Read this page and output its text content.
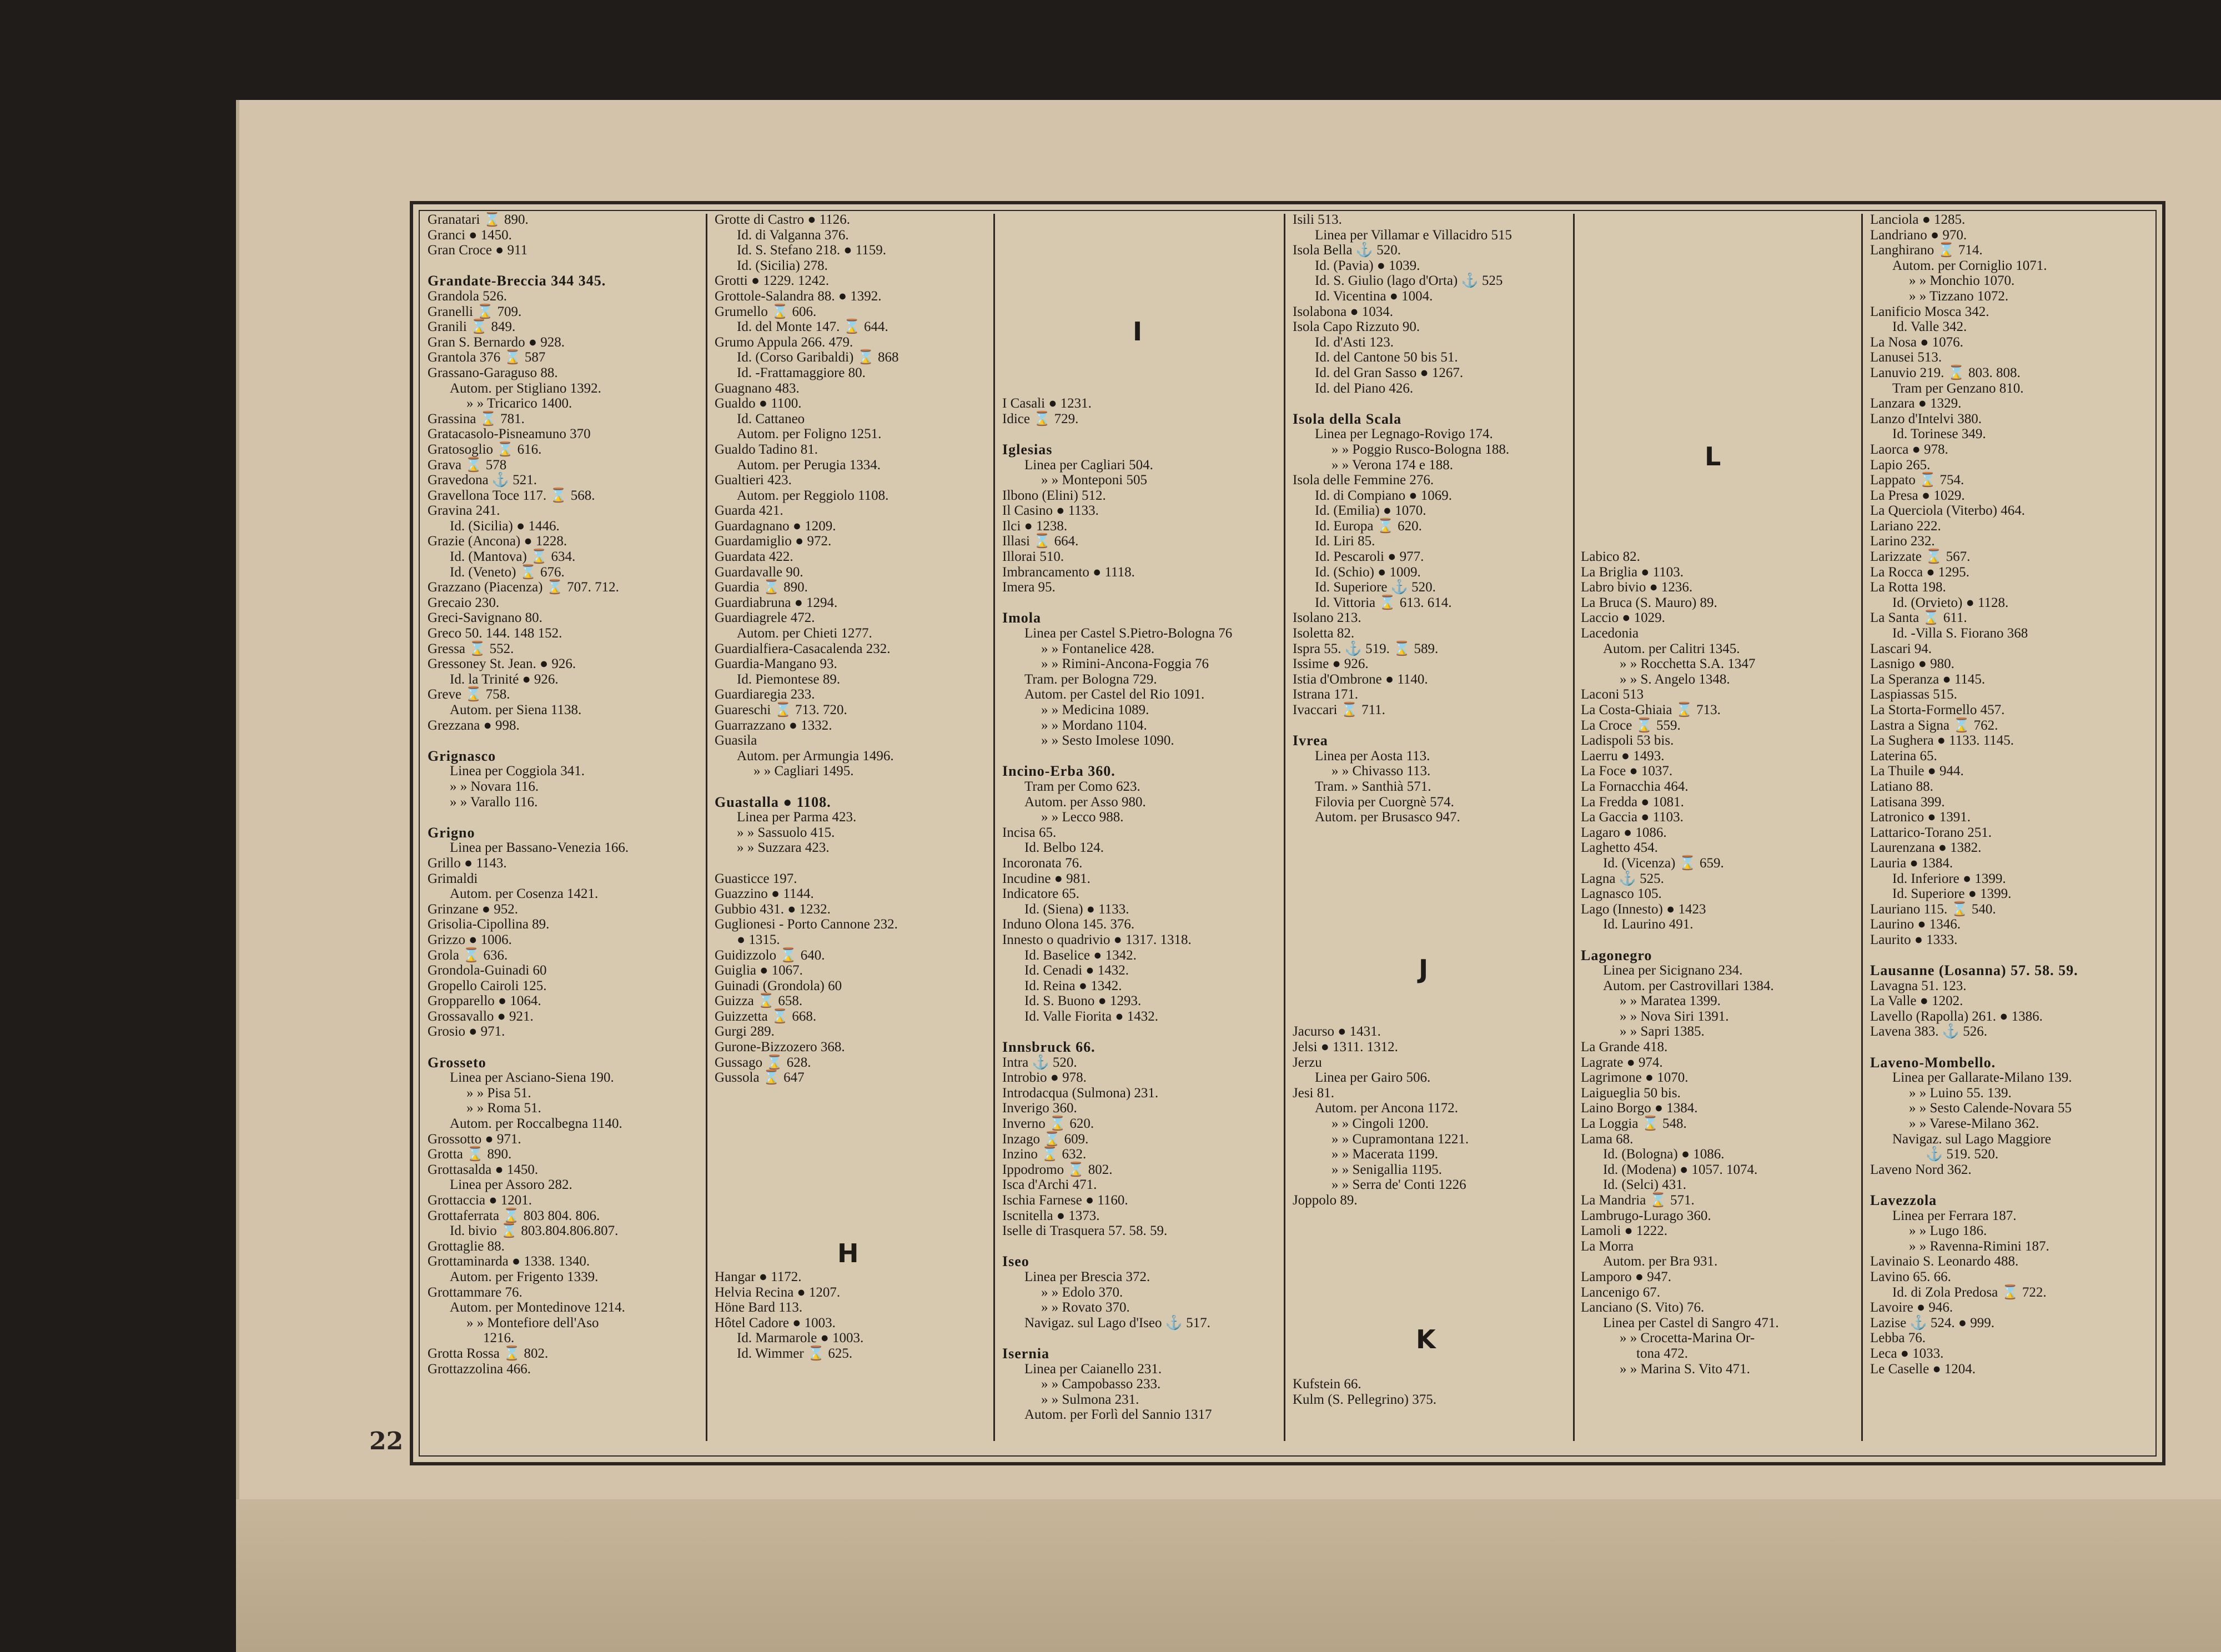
22
Granatari ⌛ 890.
Granci ● 1450.
Gran Croce ● 911
Grandate-Breccia 344 345.
Grandola 526.
Granelli ⌛ 709.
Granili ⌛ 849.
Gran S. Bernardo ● 928.
Grantola 376 ⌛ 587
Grassano-Garaguso 88.
Autom. per Stigliano 1392.
» » Tricarico 1400.
Grassina ⌛ 781.
Gratacasolo-Pisneamuno 370
Gratosoglio ⌛ 616.
Grava ⌛ 578
Gravedona ⚓ 521.
Gravellona Toce 117. ⌛ 568.
Gravina 241.
Id. (Sicilia) ● 1446.
Grazie (Ancona) ● 1228.
Id. (Mantova) ⌛ 634.
Id. (Veneto) ⌛ 676.
Grazzano (Piacenza) ⌛ 707. 712.
Grecaio 230.
Greci-Savignano 80.
Greco 50. 144. 148 152.
Gressa ⌛ 552.
Gressoney St. Jean. ● 926.
Id. la Trinité ● 926.
Greve ⌛ 758.
Autom. per Siena 1138.
Grezzana ● 998.
Grignasco
Linea per Coggiola 341.
» » Novara 116.
» » Varallo 116.
Grigno
Linea per Bassano-Venezia 166.
Grillo ● 1143.
Grimaldi
Autom. per Cosenza 1421.
Grinzane ● 952.
Grisolia-Cipollina 89.
Grizzo ● 1006.
Grola ⌛ 636.
Grondola-Guinadi 60
Gropello Cairoli 125.
Gropparello ● 1064.
Grossavallo ● 921.
Grosio ● 971.
Grosseto
Linea per Asciano-Siena 190.
» » Pisa 51.
» » Roma 51.
Autom. per Roccalbegna 1140.
Grossotto ● 971.
Grotta ⌛ 890.
Grottasalda ● 1450.
Linea per Assoro 282.
Grottaccia ● 1201.
Grottaferrata ⌛ 803 804. 806.
Id. bivio ⌛ 803.804.806.807.
Grottaglie 88.
Grottaminarda ● 1338. 1340.
Autom. per Frigento 1339.
Grottammare 76.
Autom. per Montedinove 1214.
» » Montefiore dell'Aso
1216.
Grotta Rossa ⌛ 802.
Grottazzolina 466.
Grotte di Castro ● 1126.
Id. di Valganna 376.
Id. S. Stefano 218. ● 1159.
Id. (Sicilia) 278.
Grotti ● 1229. 1242.
Grottole-Salandra 88. ● 1392.
Grumello ⌛ 606.
Id. del Monte 147. ⌛ 644.
Grumo Appula 266. 479.
Id. (Corso Garibaldi) ⌛ 868
Id. -Frattamaggiore 80.
Guagnano 483.
Gualdo ● 1100.
Id. Cattaneo
Autom. per Foligno 1251.
Gualdo Tadino 81.
Autom. per Perugia 1334.
Gualtieri 423.
Autom. per Reggiolo 1108.
Guarda 421.
Guardagnano ● 1209.
Guardamiglio ● 972.
Guardata 422.
Guardavalle 90.
Guardia ⌛ 890.
Guardiabruna ● 1294.
Guardiagrele 472.
Autom. per Chieti 1277.
Guardialfiera-Casacalenda 232.
Guardia-Mangano 93.
Id. Piemontese 89.
Guardiaregia 233.
Guareschi ⌛ 713. 720.
Guarrazzano ● 1332.
Guasila
Autom. per Armungia 1496.
» » Cagliari 1495.
Guastalla ● 1108.
Linea per Parma 423.
» » Sassuolo 415.
» » Suzzara 423.
Guasticce 197.
Guazzino ● 1144.
Gubbio 431. ● 1232.
Guglionesi - Porto Cannone 232.
● 1315.
Guidizzolo ⌛ 640.
Guiglia ● 1067.
Guinadi (Grondola) 60
Guizza ⌛ 658.
Guizzetta ⌛ 668.
Gurgi 289.
Gurone-Bizzozero 368.
Gussago ⌛ 628.
Gussola ⌛ 647
Hangar ● 1172.
Helvia Recina ● 1207.
Höne Bard 113.
Hôtel Cadore ● 1003.
Id. Marmarole ● 1003.
Id. Wimmer ⌛ 625.
I Casali ● 1231.
Idice ⌛ 729.
Iglesias
Linea per Cagliari 504.
» » Monteponi 505
Ilbono (Elini) 512.
Il Casino ● 1133.
Ilci ● 1238.
Illasi ⌛ 664.
Illorai 510.
Imbrancamento ● 1118.
Imera 95.
Imola
Linea per Castel S.Pietro-Bologna 76
» » Fontanelice 428.
» » Rimini-Ancona-Foggia 76
Tram. per Bologna 729.
Autom. per Castel del Rio 1091.
» » Medicina 1089.
» » Mordano 1104.
» » Sesto Imolese 1090.
Incino-Erba 360.
Tram per Como 623.
Autom. per Asso 980.
» » Lecco 988.
Incisa 65.
Id. Belbo 124.
Incoronata 76.
Incudine ● 981.
Indicatore 65.
Id. (Siena) ● 1133.
Induno Olona 145. 376.
Innesto o quadrivio ● 1317. 1318.
Id. Baselice ● 1342.
Id. Cenadi ● 1432.
Id. Reina ● 1342.
Id. S. Buono ● 1293.
Id. Valle Fiorita ● 1432.
Innsbruck 66.
Intra ⚓ 520.
Introbio ● 978.
Introdacqua (Sulmona) 231.
Inverigo 360.
Inverno ⌛ 620.
Inzago ⌛ 609.
Inzino ⌛ 632.
Ippodromo ⌛ 802.
Isca d'Archi 471.
Ischia Farnese ● 1160.
Iscnitella ● 1373.
Iselle di Trasquera 57. 58. 59.
Iseo
Linea per Brescia 372.
» » Edolo 370.
» » Rovato 370.
Navigaz. sul Lago d'Iseo ⚓ 517.
Isernia
Linea per Caianello 231.
» » Campobasso 233.
» » Sulmona 231.
Autom. per Forlì del Sannio 1317
Isili 513.
Linea per Villamar e Villacidro 515
Isola Bella ⚓ 520.
Id. (Pavia) ● 1039.
Id. S. Giulio (lago d'Orta) ⚓ 525
Id. Vicentina ● 1004.
Isolabona ● 1034.
Isola Capo Rizzuto 90.
Id. d'Asti 123.
Id. del Cantone 50 bis 51.
Id. del Gran Sasso ● 1267.
Id. del Piano 426.
Isola della Scala
Linea per Legnago-Rovigo 174.
» » Poggio Rusco-Bologna 188.
» » Verona 174 e 188.
Isola delle Femmine 276.
Id. di Compiano ● 1069.
Id. (Emilia) ● 1070.
Id. Europa ⌛ 620.
Id. Liri 85.
Id. Pescaroli ● 977.
Id. (Schio) ● 1009.
Id. Superiore ⚓ 520.
Id. Vittoria ⌛ 613. 614.
Isolano 213.
Isoletta 82.
Ispra 55. ⚓ 519. ⌛ 589.
Issime ● 926.
Istia d'Ombrone ● 1140.
Istrana 171.
Ivaccari ⌛ 711.
Ivrea
Linea per Aosta 113.
» » Chivasso 113.
Tram. » Santhià 571.
Filovia per Cuorgnè 574.
Autom. per Brusasco 947.
Jacurso ● 1431.
Jelsi ● 1311. 1312.
Jerzu
Linea per Gairo 506.
Jesi 81.
Autom. per Ancona 1172.
» » Cingoli 1200.
» » Cupramontana 1221.
» » Macerata 1199.
» » Senigallia 1195.
» » Serra de' Conti 1226
Joppolo 89.
Kufstein 66.
Kulm (S. Pellegrino) 375.
Labico 82.
La Briglia ● 1103.
Labro bivio ● 1236.
La Bruca (S. Mauro) 89.
Laccio ● 1029.
Lacedonia
Autom. per Calitri 1345.
» » Rocchetta S.A. 1347
» » S. Angelo 1348.
Laconi 513
La Costa-Ghiaia ⌛ 713.
La Croce ⌛ 559.
Ladispoli 53 bis.
Laerru ● 1493.
La Foce ● 1037.
La Fornacchia 464.
La Fredda ● 1081.
La Gaccia ● 1103.
Lagaro ● 1086.
Laghetto 454.
Id. (Vicenza) ⌛ 659.
Lagna ⚓ 525.
Lagnasco 105.
Lago (Innesto) ● 1423
Id. Laurino 491.
Lagonegro
Linea per Sicignano 234.
Autom. per Castrovillari 1384.
» » Maratea 1399.
» » Nova Siri 1391.
» » Sapri 1385.
La Grande 418.
Lagrate ● 974.
Lagrimone ● 1070.
Laigueglia 50 bis.
Laino Borgo ● 1384.
La Loggia ⌛ 548.
Lama 68.
Id. (Bologna) ● 1086.
Id. (Modena) ● 1057. 1074.
Id. (Selci) 431.
La Mandria ⌛ 571.
Lambrugo-Lurago 360.
Lamoli ● 1222.
La Morra
Autom. per Bra 931.
Lamporo ● 947.
Lancenigo 67.
Lanciano (S. Vito) 76.
Linea per Castel di Sangro 471.
» » Crocetta-Marina Or-
tona 472.
» » Marina S. Vito 471.
Lanciola ● 1285.
Landriano ● 970.
Langhirano ⌛ 714.
Autom. per Corniglio 1071.
» » Monchio 1070.
» » Tizzano 1072.
Lanificio Mosca 342.
Id. Valle 342.
La Nosa ● 1076.
Lanusei 513.
Lanuvio 219. ⌛ 803. 808.
Tram per Genzano 810.
Lanzara ● 1329.
Lanzo d'Intelvi 380.
Id. Torinese 349.
Laorca ● 978.
Lapio 265.
Lappato ⌛ 754.
La Presa ● 1029.
La Querciola (Viterbo) 464.
Lariano 222.
Larino 232.
Larizzate ⌛ 567.
La Rocca ● 1295.
La Rotta 198.
Id. (Orvieto) ● 1128.
La Santa ⌛ 611.
Id. -Villa S. Fiorano 368
Lascari 94.
Lasnigo ● 980.
La Speranza ● 1145.
Laspiassas 515.
La Storta-Formello 457.
Lastra a Signa ⌛ 762.
La Sughera ● 1133. 1145.
Laterina 65.
La Thuile ● 944.
Latiano 88.
Latisana 399.
Latronico ● 1391.
Lattarico-Torano 251.
Laurenzana ● 1382.
Lauria ● 1384.
Id. Inferiore ● 1399.
Id. Superiore ● 1399.
Lauriano 115. ⌛ 540.
Laurino ● 1346.
Laurito ● 1333.
Lausanne (Losanna) 57. 58. 59.
Lavagna 51. 123.
La Valle ● 1202.
Lavello (Rapolla) 261. ● 1386.
Lavena 383. ⚓ 526.
Laveno-Mombello.
Linea per Gallarate-Milano 139.
» » Luino 55. 139.
» » Sesto Calende-Novara 55
» » Varese-Milano 362.
Navigaz. sul Lago Maggiore
⚓ 519. 520.
Laveno Nord 362.
Lavezzola
Linea per Ferrara 187.
» » Lugo 186.
» » Ravenna-Rimini 187.
Lavinaio S. Leonardo 488.
Lavino 65. 66.
Id. di Zola Predosa ⌛ 722.
Lavoire ● 946.
Lazise ⚓ 524. ● 999.
Lebba 76.
Leca ● 1033.
Le Caselle ● 1204.
H
I
J
K
L
